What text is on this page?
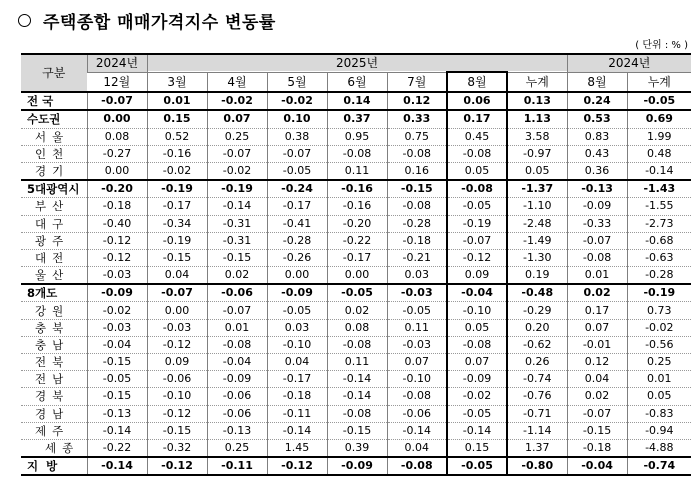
주택종합 매매가격지수 변동률
( 단위 : % )
구분	2024년	2025년							2024년	
	12월	3월	4월	5월	6월	7월	8월	누계	8월	누계
전 국	-0.07	0.01	-0.02	-0.02	0.14	0.12	0.06	0.13	0.24	-0.05
수도권	0.00	0.15	0.07	0.10	0.37	0.33	0.17	1.13	0.53	0.69
서울	0.08	0.52	0.25	0.38	0.95	0.75	0.45	3.58	0.83	1.99
인천	-0.27	-0.16	-0.07	-0.07	-0.08	-0.08	-0.08	-0.97	0.43	0.48
경기	0.00	-0.02	-0.02	-0.05	0.11	0.16	0.05	0.05	0.36	-0.14
5대광역시	-0.20	-0.19	-0.19	-0.24	-0.16	-0.15	-0.08	-1.37	-0.13	-1.43
부산	-0.18	-0.17	-0.14	-0.17	-0.16	-0.08	-0.05	-1.10	-0.09	-1.55
대구	-0.40	-0.34	-0.31	-0.41	-0.20	-0.28	-0.19	-2.48	-0.33	-2.73
광주	-0.12	-0.19	-0.31	-0.28	-0.22	-0.18	-0.07	-1.49	-0.07	-0.68
대전	-0.12	-0.15	-0.15	-0.26	-0.17	-0.21	-0.12	-1.30	-0.08	-0.63
울산	-0.03	0.04	0.02	0.00	0.00	0.03	0.09	0.19	0.01	-0.28
8개도	-0.09	-0.07	-0.06	-0.09	-0.05	-0.03	-0.04	-0.48	0.02	-0.19
강원	-0.02	0.00	-0.07	-0.05	0.02	-0.05	-0.10	-0.29	0.17	0.73
충북	-0.03	-0.03	0.01	0.03	0.08	0.11	0.05	0.20	0.07	-0.02
충남	-0.04	-0.12	-0.08	-0.10	-0.08	-0.03	-0.08	-0.62	-0.01	-0.56
전북	-0.15	0.09	-0.04	0.04	0.11	0.07	0.07	0.26	0.12	0.25
전남	-0.05	-0.06	-0.09	-0.17	-0.14	-0.10	-0.09	-0.74	0.04	0.01
경북	-0.15	-0.10	-0.06	-0.18	-0.14	-0.08	-0.02	-0.76	0.02	0.05
경남	-0.13	-0.12	-0.06	-0.11	-0.08	-0.06	-0.05	-0.71	-0.07	-0.83
제주	-0.14	-0.15	-0.13	-0.14	-0.15	-0.14	-0.14	-1.14	-0.15	-0.94
세종	-0.22	-0.32	0.25	1.45	0.39	0.04	0.15	1.37	-0.18	-4.88
지방	-0.14	-0.12	-0.11	-0.12	-0.09	-0.08	-0.05	-0.80	-0.04	-0.74
